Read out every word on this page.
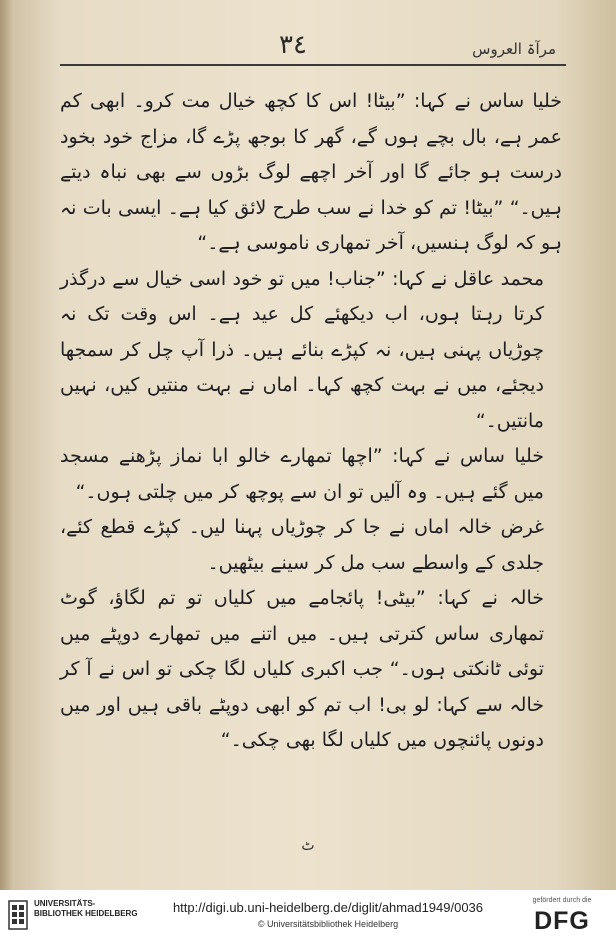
٣٤	مرآۃ العروس

خلیا ساس نے کہا: ”بیٹا! اس کا کچھ خیال مت کرو۔ ابھی کم عمر ہے، بال بچے ہوں گے، گھر کا بوجھ پڑے گا، مزاج خود بخود درست ہو جائے گا اور آخر اچھے لوگ بڑوں سے بھی نباہ دیتے ہیں۔“ ”بیٹا! تم کو خدا نے سب طرح لائق کیا ہے۔ ایسی بات نہ ہو کہ لوگ ہنسیں، آخر تمھاری ناموسی ہے۔“

محمد عاقل نے کہا: ”جناب! میں تو خود اسی خیال سے درگذر کرتا رہتا ہوں، اب دیکھئے کل عید ہے۔ اس وقت تک نہ چوڑیاں پہنی ہیں، نہ کپڑے بنائے ہیں۔ ذرا آپ چل کر سمجھا دیجئے، میں نے بہت کچھ کہا۔ اماں نے بہت منتیں کیں، نہیں مانتیں۔“

خلیا ساس نے کہا: ”اچھا تمھارے خالو ابا نماز پڑھنے مسجد میں گئے ہیں۔ وہ آلیں تو ان سے پوچھ کر میں چلتی ہوں۔“

غرض خالہ اماں نے جا کر چوڑیاں پہنا لیں۔ کپڑے قطع کئے، جلدی کے واسطے سب مل کر سینے بیٹھیں۔

خالہ نے کہا: ”بیٹی! پائجامے میں کلیاں تو تم لگاؤ، گوٹ تمھاری ساس کترتی ہیں۔ میں اتنے میں تمھارے دوپٹے میں توئی ٹانکتی ہوں۔“ جب اکبری کلیاں لگا چکی تو اس نے آ کر خالہ سے کہا: لو بی! اب تم کو ابھی دوپٹے باقی ہیں اور میں دونوں پائنچوں میں کلیاں لگا بھی چکی۔“

ٹ
UNIVERSITÄTS-BIBLIOTHEK HEIDELBERG	http://digi.ub.uni-heidelberg.de/diglit/ahmad1949/0036
© Universitätsbibliothek Heidelberg
gefördert durch die
DFG
